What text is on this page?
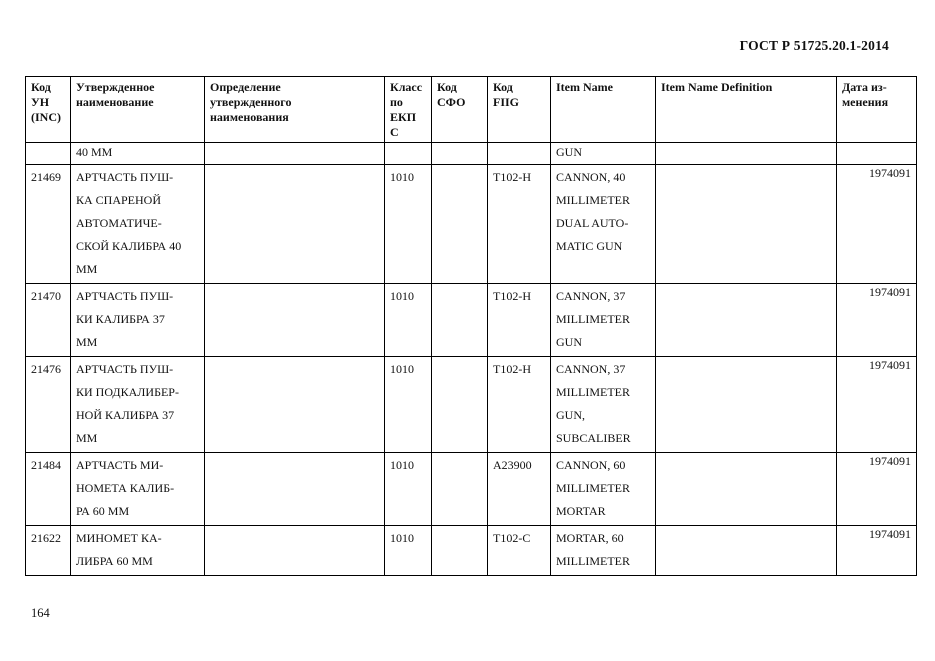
ГОСТ Р 51725.20.1-2014
Код
УН
(INC)	Утвержденное
наименование	Определение
утвержденного
наименования	Класс
по
ЕКП
С	Код
СФО	Код
FIIG	Item Name	Item Name Definition	Дата из-
менения
	40 ММ					GUN		
21469	АРТЧАСТЬ ПУШ-
КА СПАРЕНОЙ
АВТОМАТИЧЕ-
СКОЙ КАЛИБРА 40
ММ		1010		T102-H	CANNON, 40
MILLIMETER
DUAL AUTO-
MATIC GUN		1974091
21470	АРТЧАСТЬ ПУШ-
КИ КАЛИБРА 37
ММ		1010		T102-H	CANNON, 37
MILLIMETER
GUN		1974091
21476	АРТЧАСТЬ ПУШ-
КИ ПОДКАЛИБЕР-
НОЙ КАЛИБРА 37
ММ		1010		T102-H	CANNON, 37
MILLIMETER
GUN,
SUBCALIBER		1974091
21484	АРТЧАСТЬ МИ-
НОМЕТА КАЛИБ-
РА 60 ММ		1010		A23900	CANNON, 60
MILLIMETER
MORTAR		1974091
21622	МИНОМЕТ КА-
ЛИБРА 60 ММ		1010		T102-C	MORTAR, 60
MILLIMETER		1974091
164
